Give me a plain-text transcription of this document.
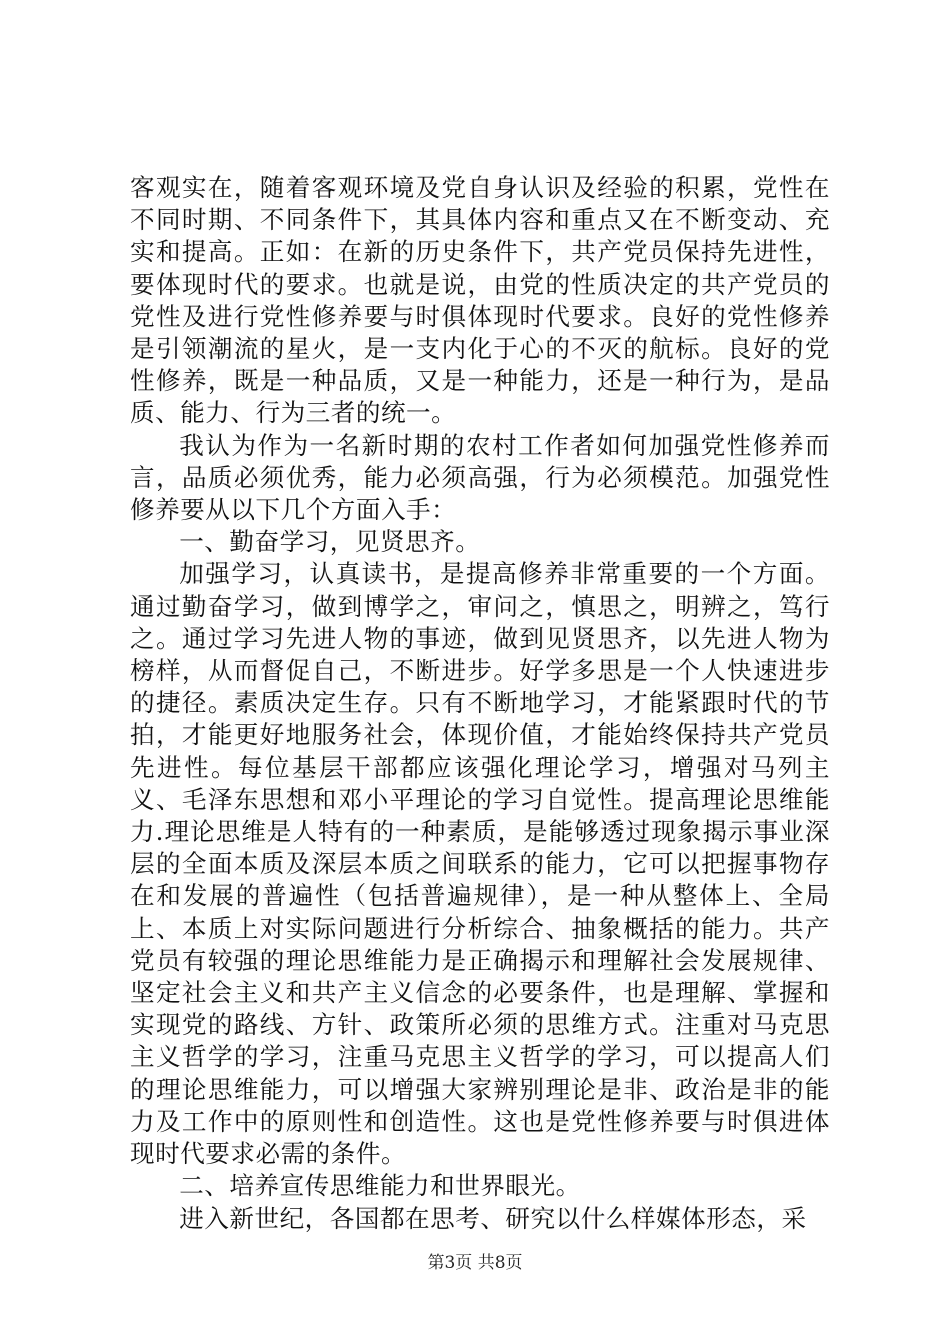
客观实在，随着客观环境及党自身认识及经验的积累，党性在不同时期、不同条件下，其具体内容和重点又在不断变动、充实和提高。正如：在新的历史条件下，共产党员保持先进性，要体现时代的要求。也就是说，由党的性质决定的共产党员的党性及进行党性修养要与时俱体现时代要求。良好的党性修养是引领潮流的星火，是一支内化于心的不灭的航标。良好的党性修养，既是一种品质，又是一种能力，还是一种行为，是品质、能力、行为三者的统一。

我认为作为一名新时期的农村工作者如何加强党性修养而言，品质必须优秀，能力必须高强，行为必须模范。加强党性修养要从以下几个方面入手：

一、勤奋学习，见贤思齐。

加强学习，认真读书，是提高修养非常重要的一个方面。通过勤奋学习，做到博学之，审问之，慎思之，明辨之，笃行之。通过学习先进人物的事迹，做到见贤思齐，以先进人物为榜样，从而督促自己，不断进步。好学多思是一个人快速进步的捷径。素质决定生存。只有不断地学习，才能紧跟时代的节拍，才能更好地服务社会，体现价值，才能始终保持共产党员先进性。每位基层干部都应该强化理论学习，增强对马列主义、毛泽东思想和邓小平理论的学习自觉性。提高理论思维能力.理论思维是人特有的一种素质，是能够透过现象揭示事业深层的全面本质及深层本质之间联系的能力，它可以把握事物存在和发展的普遍性（包括普遍规律），是一种从整体上、全局上、本质上对实际问题进行分析综合、抽象概括的能力。共产党员有较强的理论思维能力是正确揭示和理解社会发展规律、坚定社会主义和共产主义信念的必要条件，也是理解、掌握和实现党的路线、方针、政策所必须的思维方式。注重对马克思主义哲学的学习，注重马克思主义哲学的学习，可以提高人们的理论思维能力，可以增强大家辨别理论是非、政治是非的能力及工作中的原则性和创造性。这也是党性修养要与时俱进体现时代要求必需的条件。

二、培养宣传思维能力和世界眼光。

进入新世纪，各国都在思考、研究以什么样媒体形态，采

第3页 共8页
